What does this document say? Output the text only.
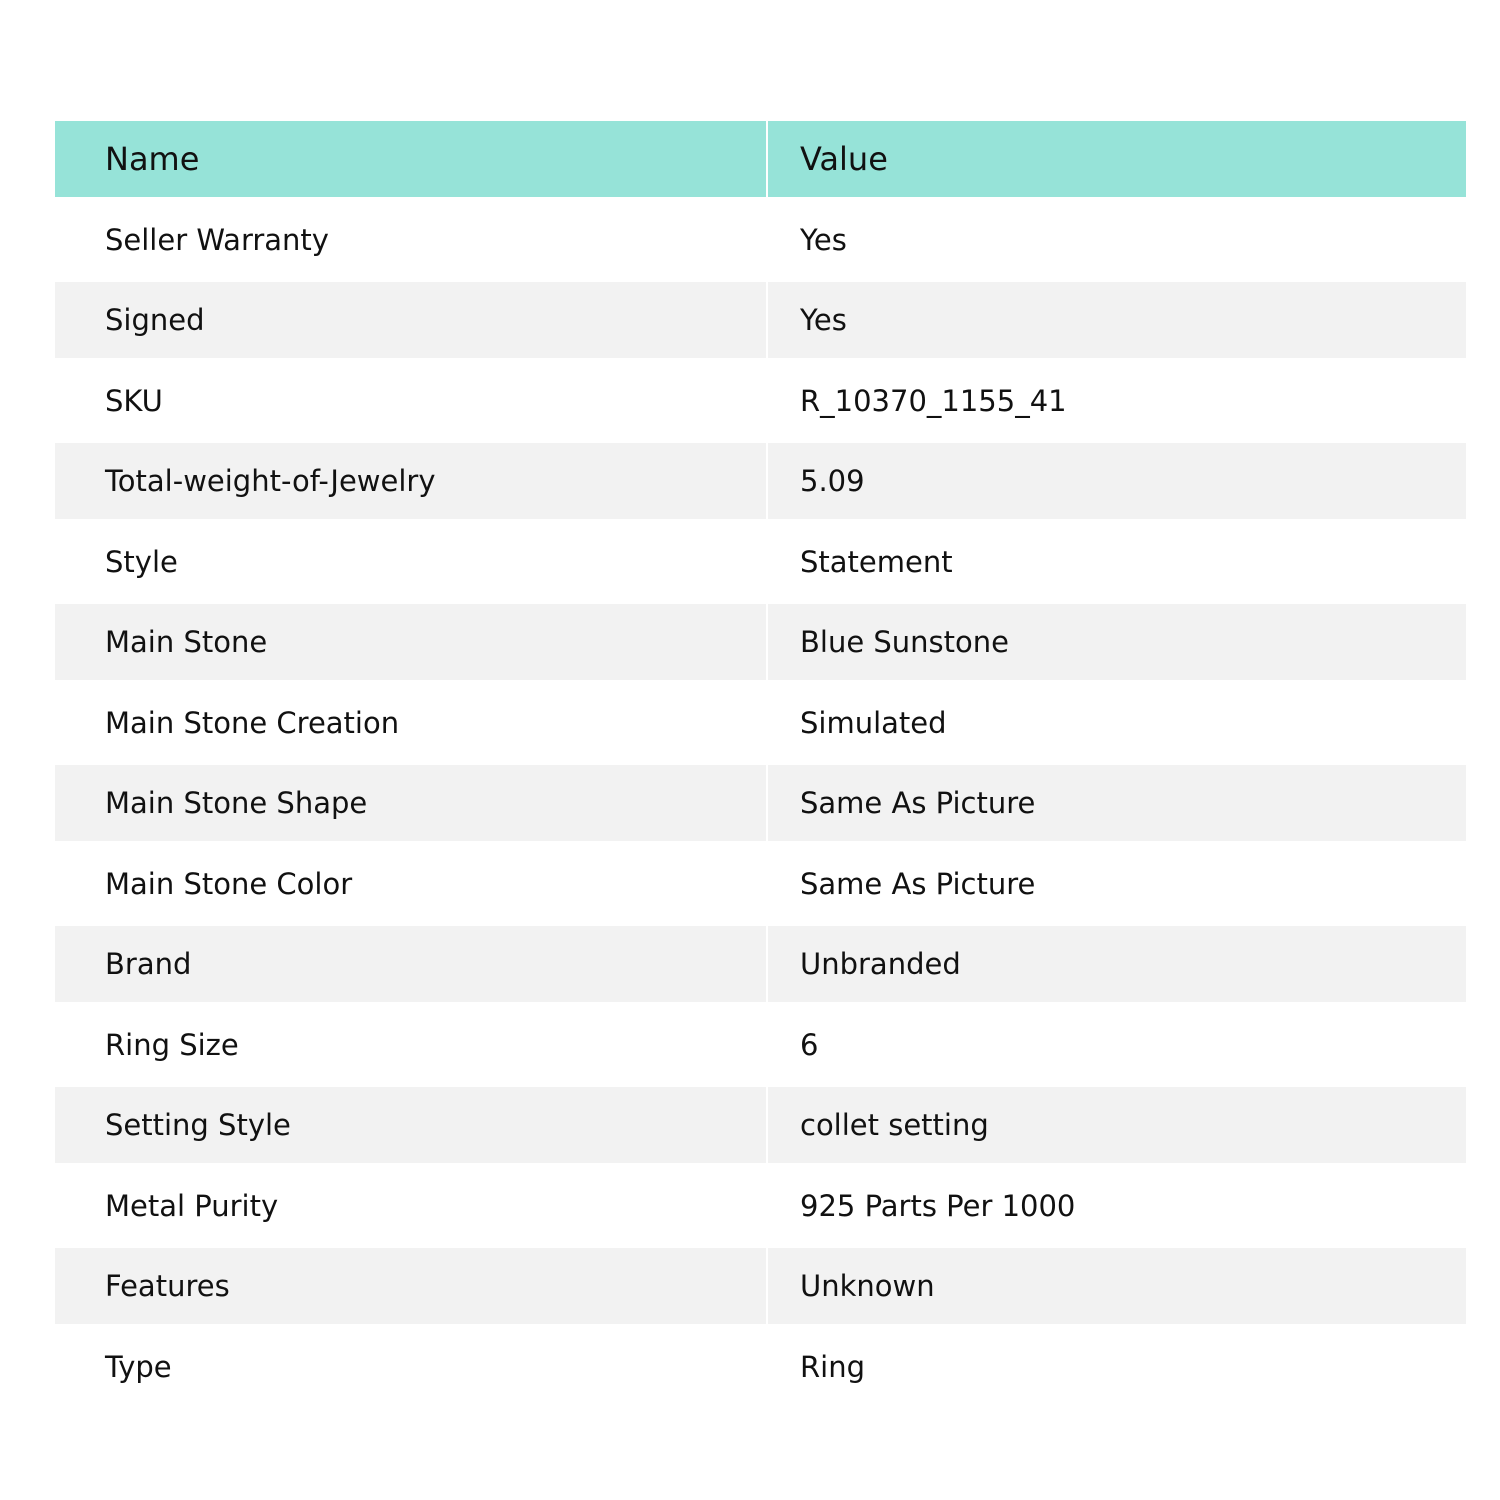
Name	Value
Seller Warranty	Yes
Signed	Yes
SKU	R_10370_1155_41
Total-weight-of-Jewelry	5.09
Style	Statement
Main Stone	Blue Sunstone
Main Stone Creation	Simulated
Main Stone Shape	Same As Picture
Main Stone Color	Same As Picture
Brand	Unbranded
Ring Size	6
Setting Style	collet setting
Metal Purity	925 Parts Per 1000
Features	Unknown
Type	Ring
